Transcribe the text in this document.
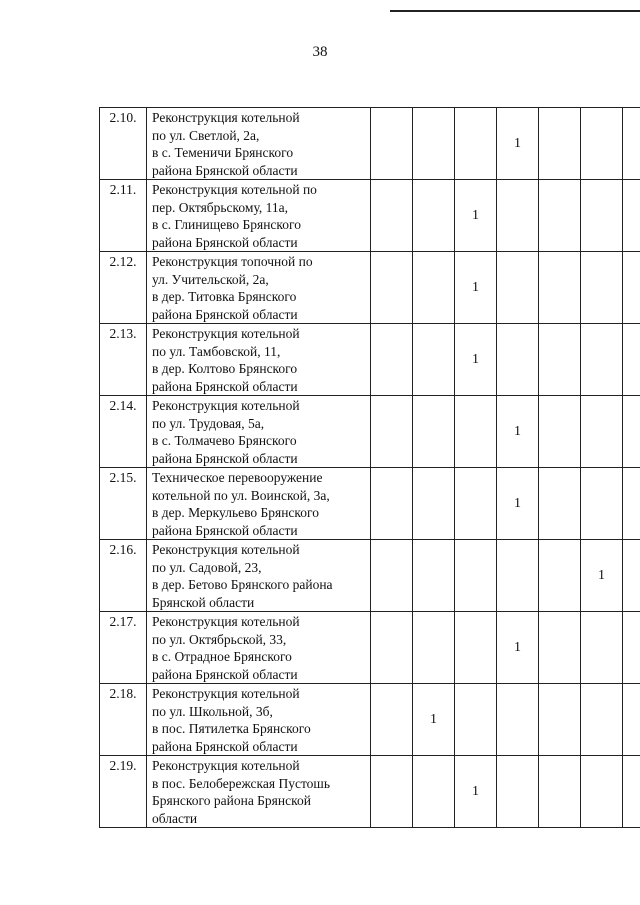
38
2.10.	Реконструкция котельной
по ул. Светлой, 2а,
в с. Теменичи Брянского
района Брянской области				1			
2.11.	Реконструкция котельной по
пер. Октябрьскому, 11а,
в с. Глинищево Брянского
района Брянской области			1				
2.12.	Реконструкция топочной по
ул. Учительской, 2а,
в дер. Титовка Брянского
района Брянской области			1				
2.13.	Реконструкция котельной
по ул. Тамбовской, 11,
в дер. Колтово Брянского
района Брянской области			1				
2.14.	Реконструкция котельной
по ул. Трудовая, 5а,
в с. Толмачево Брянского
района Брянской области				1			
2.15.	Техническое перевооружение
котельной по ул. Воинской, 3а,
в дер. Меркульево Брянского
района Брянской области				1			
2.16.	Реконструкция котельной
по ул. Садовой, 23,
в дер. Бетово Брянского района
Брянской области						1	
2.17.	Реконструкция котельной
по ул. Октябрьской, 33,
в с. Отрадное Брянского
района Брянской области				1			
2.18.	Реконструкция котельной
по ул. Школьной, 3б,
в пос. Пятилетка Брянского
района Брянской области		1					
2.19.	Реконструкция котельной
в пос. Белобережская Пустошь
Брянского района Брянской
области			1				
